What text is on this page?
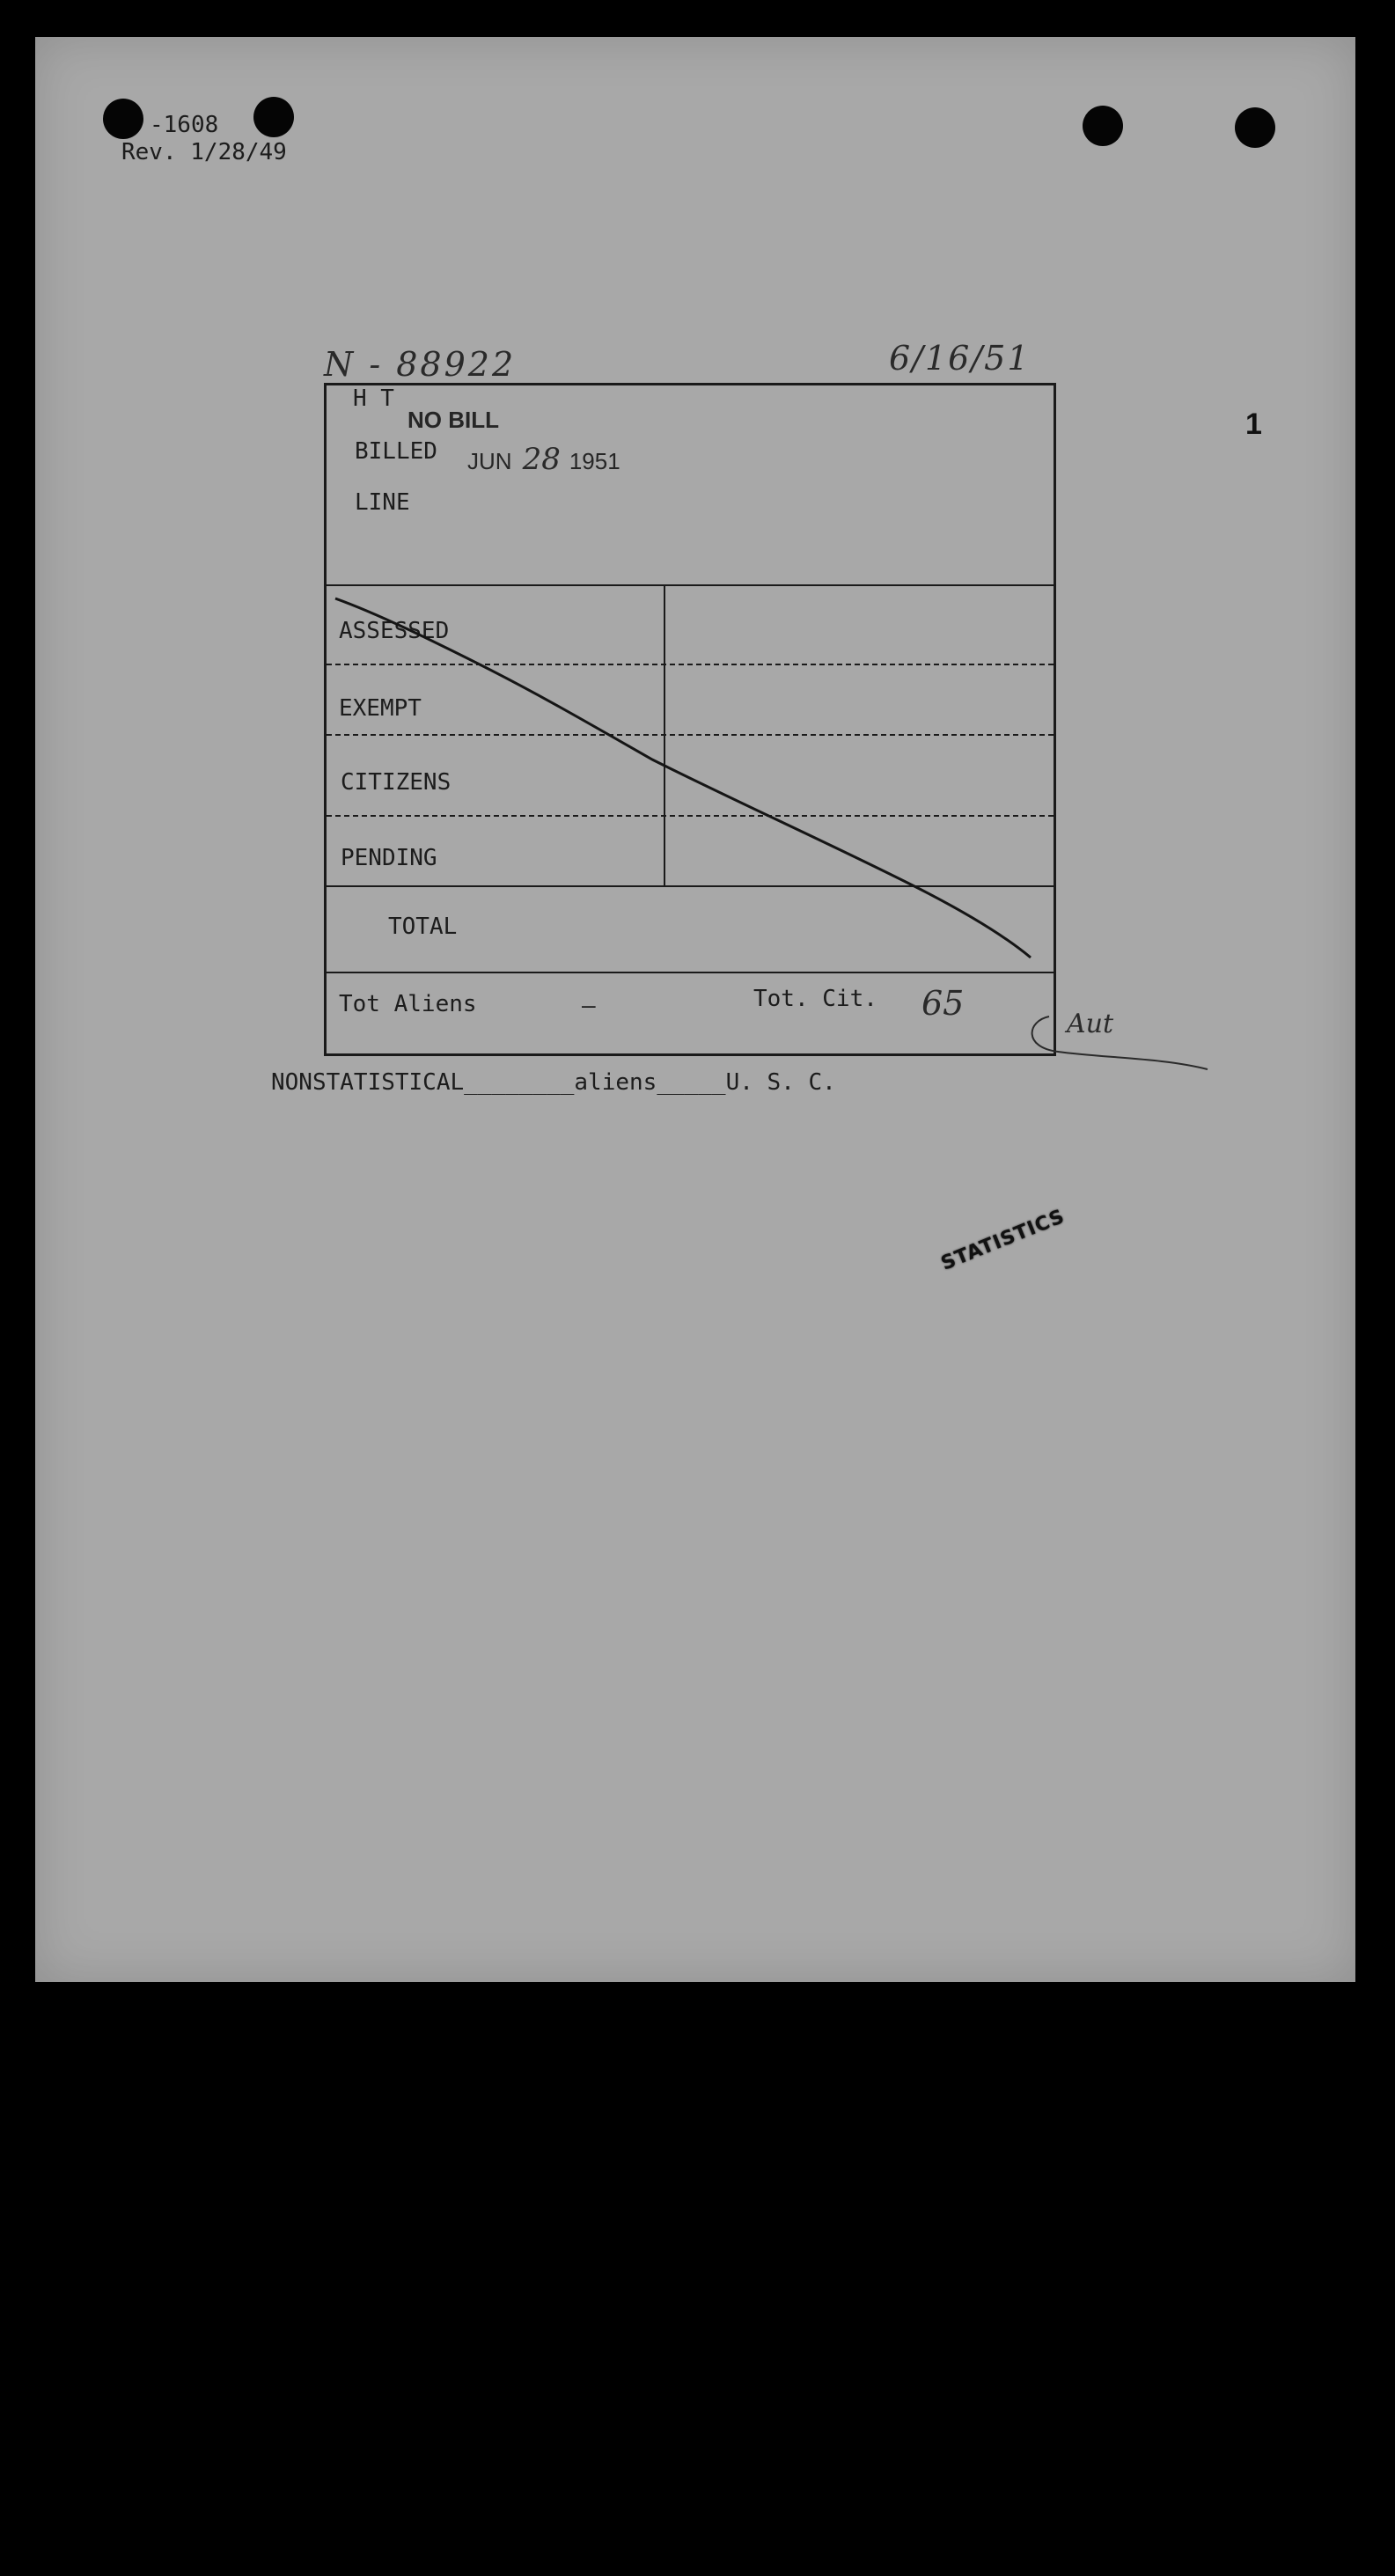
-1608
Rev. 1/28/49
N - 88922	6/16/51
1
H T
NO BILL
BILLED JUN 28 1951
LINE
ASSESSED
EXEMPT
CITIZENS
PENDING
TOTAL
Tot Aliens	—	Tot. Cit. 65
Aut
NONSTATISTICAL________aliens_____U. S. C.
STATISTICS
